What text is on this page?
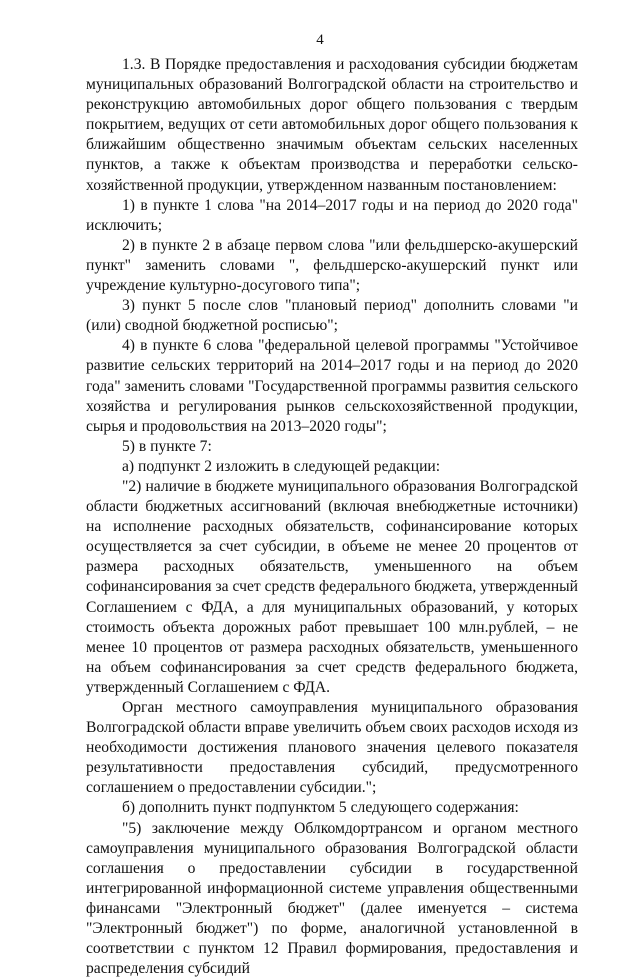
4

1.3. В Порядке предоставления и расходования субсидии бюджетам муниципальных образований Волгоградской области на строительство и реконструкцию автомобильных дорог общего пользования с твердым покрытием, ведущих от сети автомобильных дорог общего пользования к ближайшим общественно значимым объектам сельских населенных пунктов, а также к объектам производства и переработки сельско-хозяйственной продукции, утвержденном названным постановлением:

1) в пункте 1 слова "на 2014–2017 годы и на период до 2020 года" исключить;

2) в пункте 2 в абзаце первом слова "или фельдшерско-акушерский пункт" заменить словами ", фельдшерско-акушерский пункт или учреждение культурно-досугового типа";

3) пункт 5 после слов "плановый период" дополнить словами "и (или) сводной бюджетной росписью";

4) в пункте 6 слова "федеральной целевой программы "Устойчивое развитие сельских территорий на 2014–2017 годы и на период до 2020 года" заменить словами "Государственной программы развития сельского хозяйства и регулирования рынков сельскохозяйственной продукции, сырья и продовольствия на 2013–2020 годы";

5) в пункте 7:

а) подпункт 2 изложить в следующей редакции:

"2) наличие в бюджете муниципального образования Волгоградской области бюджетных ассигнований (включая внебюджетные источники) на исполнение расходных обязательств, софинансирование которых осуществляется за счет субсидии, в объеме не менее 20 процентов от размера расходных обязательств, уменьшенного на объем софинансирования за счет средств федерального бюджета, утвержденный Соглашением с ФДА, а для муниципальных образований, у которых стоимость объекта дорожных работ превышает 100 млн.рублей, – не менее 10 процентов от размера расходных обязательств, уменьшенного на объем софинансирования за счет средств федерального бюджета, утвержденный Соглашением с ФДА.

Орган местного самоуправления муниципального образования Волгоградской области вправе увеличить объем своих расходов исходя из необходимости достижения планового значения целевого показателя результативности предоставления субсидий, предусмотренного соглашением о предоставлении субсидии.";

б) дополнить пункт подпунктом 5 следующего содержания:

"5) заключение между Облкомдортрансом и органом местного самоуправления муниципального образования Волгоградской области соглашения о предоставлении субсидии в государственной интегрированной информационной системе управления общественными финансами "Электронный бюджет" (далее именуется – система "Электронный бюджет") по форме, аналогичной установленной в соответствии с пунктом 12 Правил формирования, предоставления и распределения субсидий
